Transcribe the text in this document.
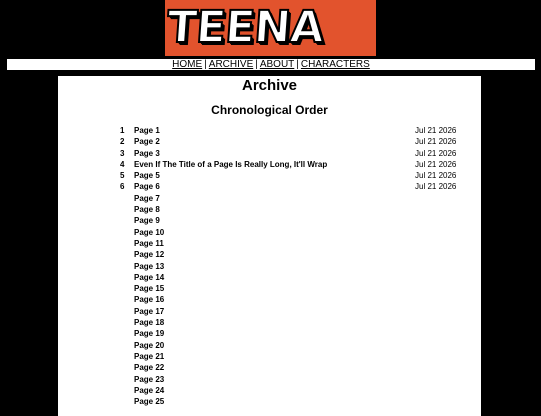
TEENA	BY
hilda terry
HOME | ARCHIVE | ABOUT | CHARACTERS
Archive
Chronological Order
1 Page 1	Jul 21 2026
2 Page 2	Jul 21 2026
3 Page 3	Jul 21 2026
4 Even If The Title of a Page Is Really Long, It'll Wrap	Jul 21 2026
5 Page 5	Jul 21 2026
6 Page 6	Jul 21 2026
Page 7
Page 8
Page 9
Page 10
Page 11
Page 12
Page 13
Page 14
Page 15
Page 16
Page 17
Page 18
Page 19
Page 20
Page 21
Page 22
Page 23
Page 24
Page 25
